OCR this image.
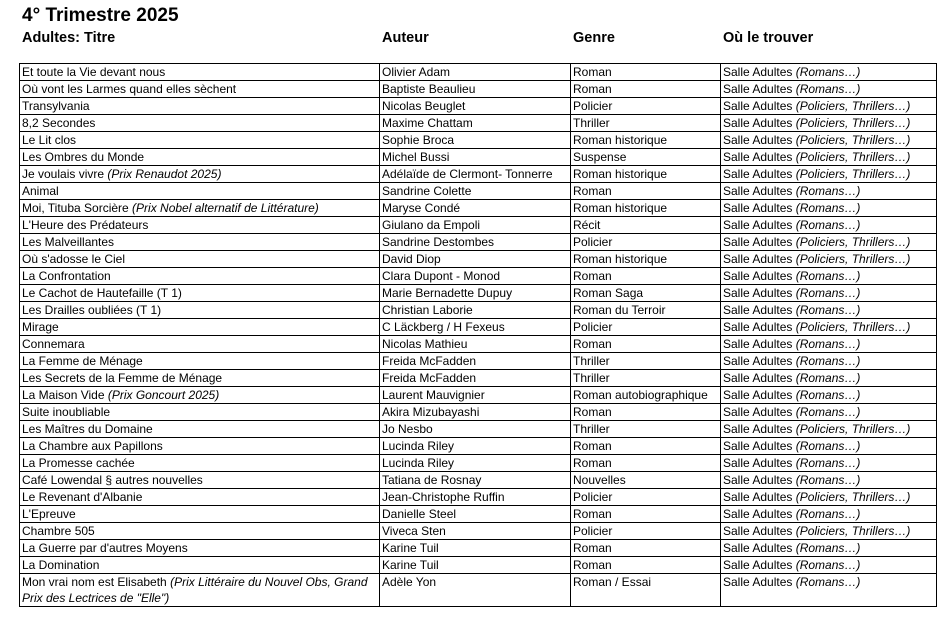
4° Trimestre 2025
Adultes: Titre	Auteur	Genre	Où le trouver
Et toute la Vie devant nous	Olivier Adam	Roman	Salle Adultes (Romans…)
Où vont les Larmes quand elles sèchent	Baptiste Beaulieu	Roman	Salle Adultes (Romans…)
Transylvania	Nicolas Beuglet	Policier	Salle Adultes (Policiers, Thrillers…)
8,2 Secondes	Maxime Chattam	Thriller	Salle Adultes (Policiers, Thrillers…)
Le Lit clos	Sophie Broca	Roman historique	Salle Adultes (Policiers, Thrillers…)
Les Ombres du Monde	Michel Bussi	Suspense	Salle Adultes (Policiers, Thrillers…)
Je voulais vivre (Prix Renaudot 2025)	Adélaïde de Clermont- Tonnerre	Roman historique	Salle Adultes (Policiers, Thrillers…)
Animal	Sandrine Colette	Roman	Salle Adultes (Romans…)
Moi, Tituba Sorcière (Prix Nobel alternatif de Littérature)	Maryse Condé	Roman historique	Salle Adultes (Romans…)
L'Heure des Prédateurs	Giulano da Empoli	Récit	Salle Adultes (Romans…)
Les Malveillantes	Sandrine Destombes	Policier	Salle Adultes (Policiers, Thrillers…)
Où s'adosse le Ciel	David Diop	Roman historique	Salle Adultes (Policiers, Thrillers…)
La Confrontation	Clara Dupont - Monod	Roman	Salle Adultes (Romans…)
Le Cachot de Hautefaille (T 1)	Marie Bernadette Dupuy	Roman Saga	Salle Adultes (Romans…)
Les Drailles oubliées (T 1)	Christian Laborie	Roman du Terroir	Salle Adultes (Romans…)
Mirage	C Läckberg / H Fexeus	Policier	Salle Adultes (Policiers, Thrillers…)
Connemara	Nicolas Mathieu	Roman	Salle Adultes (Romans…)
La Femme de Ménage	Freida McFadden	Thriller	Salle Adultes (Romans…)
Les Secrets de la Femme de Ménage	Freida McFadden	Thriller	Salle Adultes (Romans…)
La Maison Vide (Prix Goncourt 2025)	Laurent Mauvignier	Roman autobiographique	Salle Adultes (Romans…)
Suite inoubliable	Akira Mizubayashi	Roman	Salle Adultes (Romans…)
Les Maîtres du Domaine	Jo Nesbo	Thriller	Salle Adultes (Policiers, Thrillers…)
La Chambre aux Papillons	Lucinda Riley	Roman	Salle Adultes (Romans…)
La Promesse cachée	Lucinda Riley	Roman	Salle Adultes (Romans…)
Café Lowendal § autres nouvelles	Tatiana de Rosnay	Nouvelles	Salle Adultes (Romans…)
Le Revenant d'Albanie	Jean-Christophe Ruffin	Policier	Salle Adultes (Policiers, Thrillers…)
L'Epreuve	Danielle Steel	Roman	Salle Adultes (Romans…)
Chambre 505	Viveca Sten	Policier	Salle Adultes (Policiers, Thrillers…)
La Guerre par d'autres Moyens	Karine Tuil	Roman	Salle Adultes (Romans…)
La Domination	Karine Tuil	Roman	Salle Adultes (Romans…)
Mon vrai nom est Elisabeth (Prix Littéraire du Nouvel Obs, Grand Prix des Lectrices de "Elle")	Adèle Yon	Roman / Essai	Salle Adultes (Romans…)
